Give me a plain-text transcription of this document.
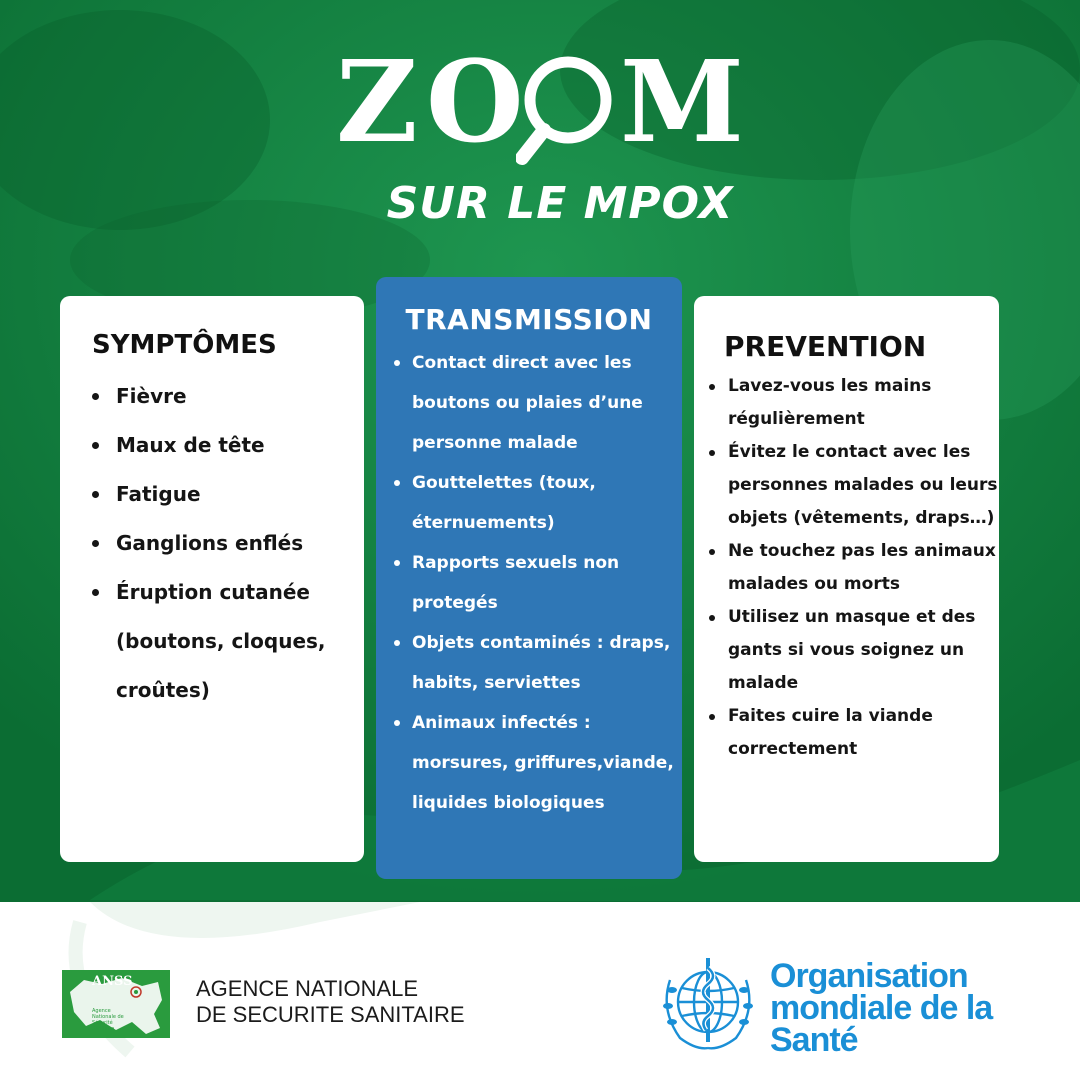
Z O M
SUR LE MPOX
SYMPTÔMES
Fièvre
Maux de tête
Fatigue
Ganglions enflés
Éruption cutanée (boutons, cloques, croûtes)
TRANSMISSION
Contact direct avec les boutons ou plaies d’une personne malade
Gouttelettes (toux, éternuements)
Rapports sexuels non protegés
Objets contaminés : draps, habits, serviettes
Animaux infectés : morsures, griffures,viande, liquides biologiques
PREVENTION
Lavez-vous les mains régulièrement
Évitez le contact avec les personnes malades ou leurs objets (vêtements, draps…)
Ne touchez pas les animaux malades ou morts
Utilisez un masque et des gants si vous soignez un malade
Faites cuire la viande correctement
Agence
Nationale de
Sécurité
Sanitaire
ANSS	AGENCE NATIONALE
DE SECURITE SANITAIRE
Organisation
mondiale de la Santé
